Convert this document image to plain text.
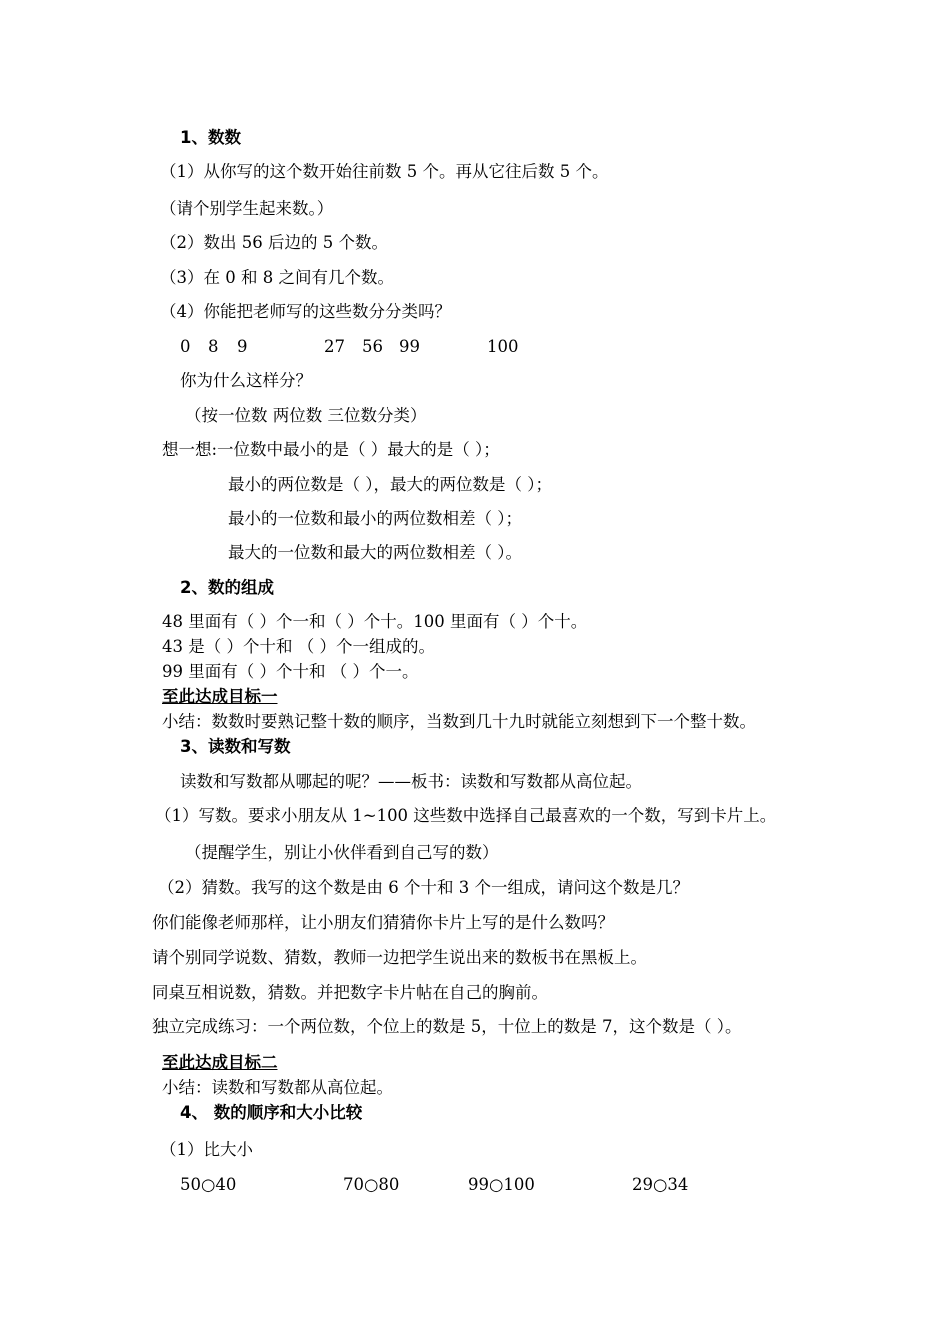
1、数数
（1）从你写的这个数开始往前数 5 个。再从它往后数 5 个。
（请个别学生起来数。）
（2）数出 56 后边的 5 个数。
（3）在 0 和 8 之间有几个数。
（4）你能把老师写的这些数分分类吗？
0 8 9	27 56 99	100
你为什么这样分？
（按一位数 两位数 三位数分类）
想一想:一位数中最小的是（ ）最大的是（ ）；
最小的两位数是（ ），最大的两位数是（ ）；
最小的一位数和最小的两位数相差（ ）；
最大的一位数和最大的两位数相差（ ）。
2、数的组成
48 里面有（ ）个一和（ ）个十。100 里面有（ ）个十。
43 是（ ）个十和 （ ）个一组成的。
99 里面有（ ）个十和 （ ）个一。
至此达成目标一
小结：数数时要熟记整十数的顺序，当数到几十九时就能立刻想到下一个整十数。
3、读数和写数
读数和写数都从哪起的呢？——板书：读数和写数都从高位起。
（1）写数。要求小朋友从 1~100 这些数中选择自己最喜欢的一个数，写到卡片上。
（提醒学生，别让小伙伴看到自己写的数）
（2）猜数。我写的这个数是由 6 个十和 3 个一组成，请问这个数是几？
你们能像老师那样，让小朋友们猜猜你卡片上写的是什么数吗？
请个别同学说数、猜数，教师一边把学生说出来的数板书在黑板上。
同桌互相说数，猜数。并把数字卡片帖在自己的胸前。
独立完成练习：一个两位数，个位上的数是 5，十位上的数是 7，这个数是（ ）。
至此达成目标二
小结：读数和写数都从高位起。
4、 数的顺序和大小比较
（1）比大小
50○40	70○80	99○100	29○34
